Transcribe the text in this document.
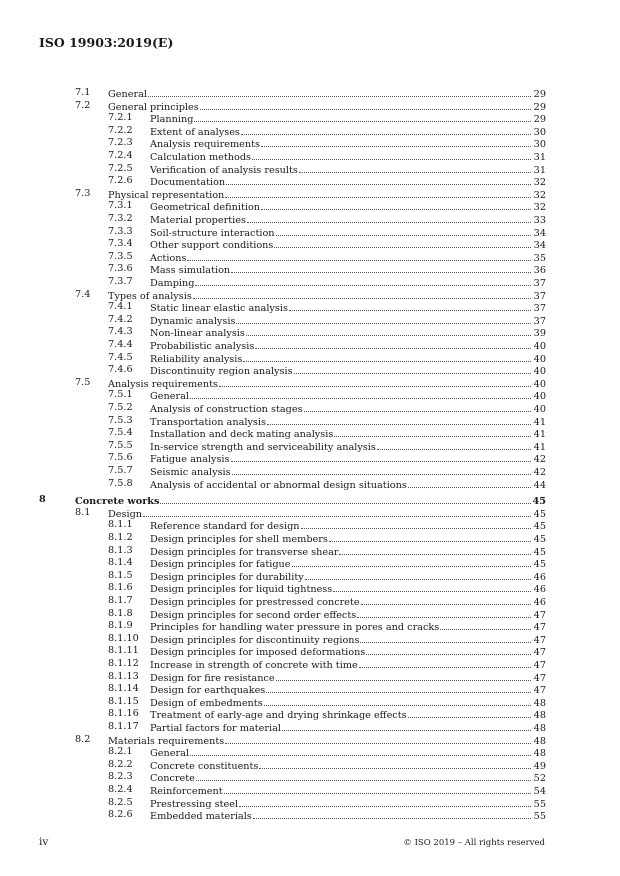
ISO 19903:2019(E)
7.1 General	29
7.2 General principles	29
7.2.1 Planning	29
7.2.2 Extent of analyses	30
7.2.3 Analysis requirements	30
7.2.4 Calculation methods	31
7.2.5 Verification of analysis results	31
7.2.6 Documentation	32
7.3 Physical representation	32
7.3.1 Geometrical definition	32
7.3.2 Material properties	33
7.3.3 Soil-structure interaction	34
7.3.4 Other support conditions	34
7.3.5 Actions	35
7.3.6 Mass simulation	36
7.3.7 Damping	37
7.4 Types of analysis	37
7.4.1 Static linear elastic analysis	37
7.4.2 Dynamic analysis	37
7.4.3 Non-linear analysis	39
7.4.4 Probabilistic analysis	40
7.4.5 Reliability analysis	40
7.4.6 Discontinuity region analysis	40
7.5 Analysis requirements	40
7.5.1 General	40
7.5.2 Analysis of construction stages	40
7.5.3 Transportation analysis	41
7.5.4 Installation and deck mating analysis	41
7.5.5 In-service strength and serviceability analysis	41
7.5.6 Fatigue analysis	42
7.5.7 Seismic analysis	42
7.5.8 Analysis of accidental or abnormal design situations	44
8	Concrete works	45
8.1 Design	45
8.1.1 Reference standard for design	45
8.1.2 Design principles for shell members	45
8.1.3 Design principles for transverse shear	45
8.1.4 Design principles for fatigue	45
8.1.5 Design principles for durability	46
8.1.6 Design principles for liquid tightness	46
8.1.7 Design principles for prestressed concrete	46
8.1.8 Design principles for second order effects	47
8.1.9 Principles for handling water pressure in pores and cracks	47
8.1.10 Design principles for discontinuity regions	47
8.1.11 Design principles for imposed deformations	47
8.1.12 Increase in strength of concrete with time	47
8.1.13 Design for fire resistance	47
8.1.14 Design for earthquakes	47
8.1.15 Design of embedments	48
8.1.16 Treatment of early-age and drying shrinkage effects	48
8.1.17 Partial factors for material	48
8.2 Materials requirements	48
8.2.1 General	48
8.2.2 Concrete constituents	49
8.2.3 Concrete	52
8.2.4 Reinforcement	54
8.2.5 Prestressing steel	55
8.2.6 Embedded materials	55
iv	© ISO 2019 – All rights reserved
